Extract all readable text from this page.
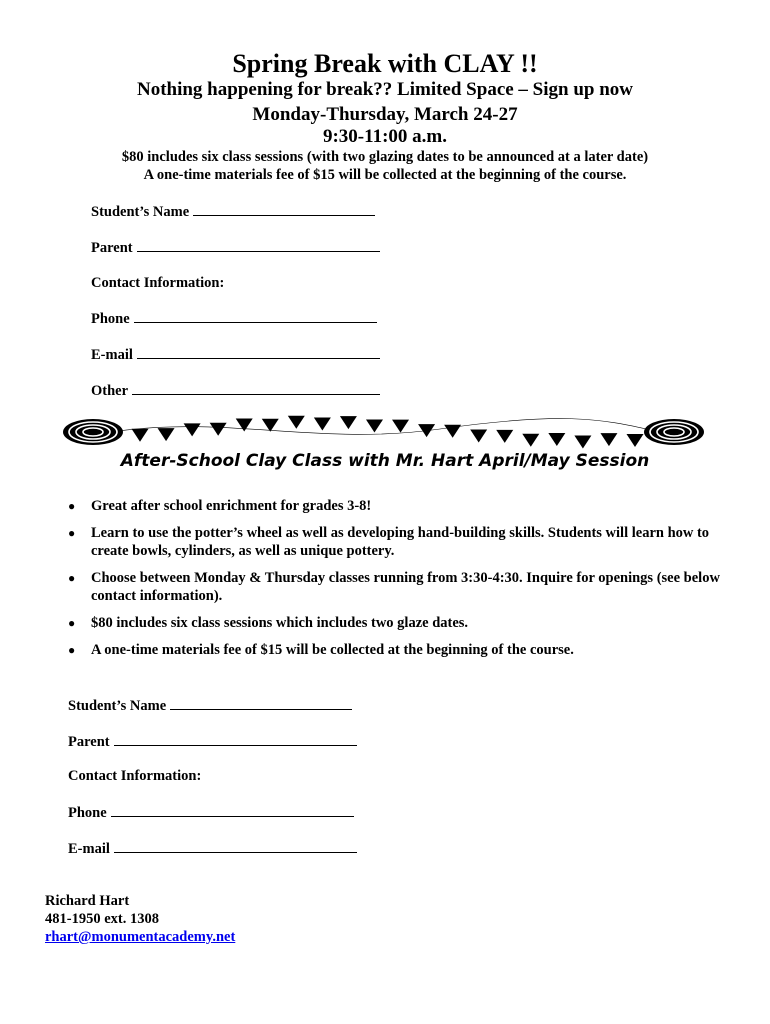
Spring Break with CLAY !!
Nothing happening for break?? Limited Space – Sign up now
Monday-Thursday, March 24-27
9:30-11:00 a.m.
$80 includes six class sessions (with two glazing dates to be announced at a later date)
A one-time materials fee of $15 will be collected at the beginning of the course.
Student’s Name
Parent
Contact Information:
Phone
E-mail
Other
After-School Clay Class with Mr. Hart April/May Session
● Great after school enrichment for grades 3-8!
● Learn to use the potter’s wheel as well as developing hand-building skills. Students will learn how to create bowls, cylinders, as well as unique pottery.
● Choose between Monday & Thursday classes running from 3:30-4:30. Inquire for openings (see below contact information).
● $80 includes six class sessions which includes two glaze dates.
● A one-time materials fee of $15 will be collected at the beginning of the course.
Student’s Name
Parent
Contact Information:
Phone
E-mail
Richard Hart
481-1950 ext. 1308
rhart@monumentacademy.net
